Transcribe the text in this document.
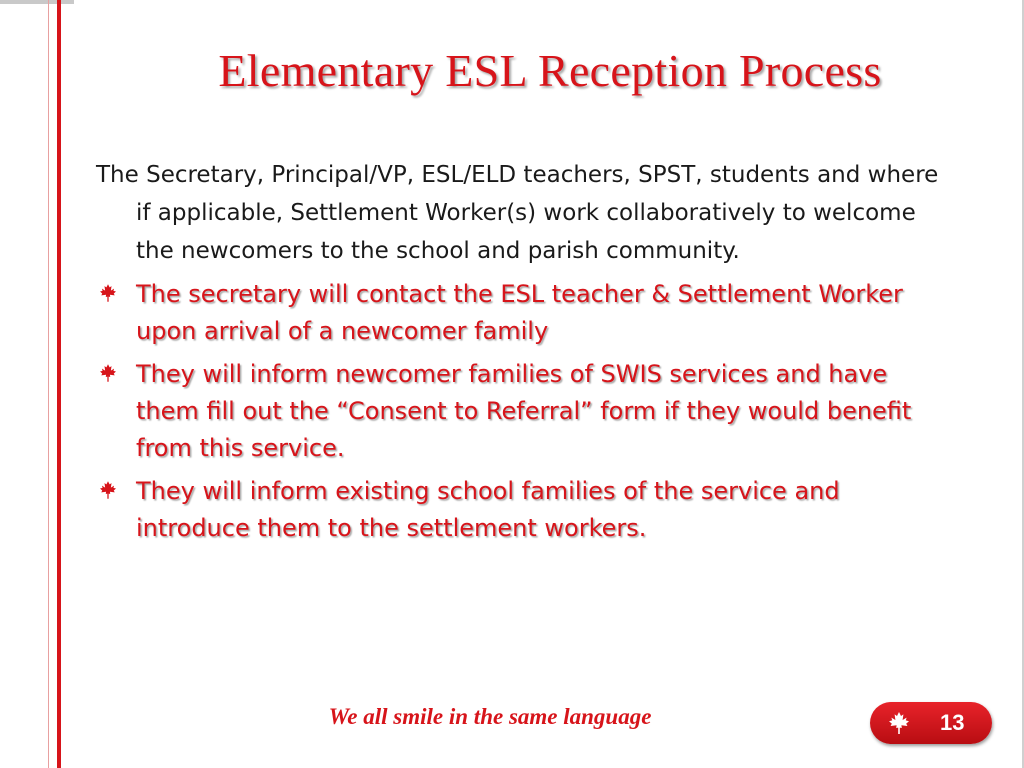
Elementary ESL Reception Process

The Secretary, Principal/VP, ESL/ELD teachers, SPST, students and where if applicable, Settlement Worker(s) work collaboratively to welcome the newcomers to the school and parish community.

The secretary will contact the ESL teacher & Settlement Worker upon arrival of a newcomer family
They will inform newcomer families of SWIS services and have them fill out the “Consent to Referral” form if they would benefit from this service.
They will inform existing school families of the service and introduce them to the settlement workers.
We all smile in the same language	13
